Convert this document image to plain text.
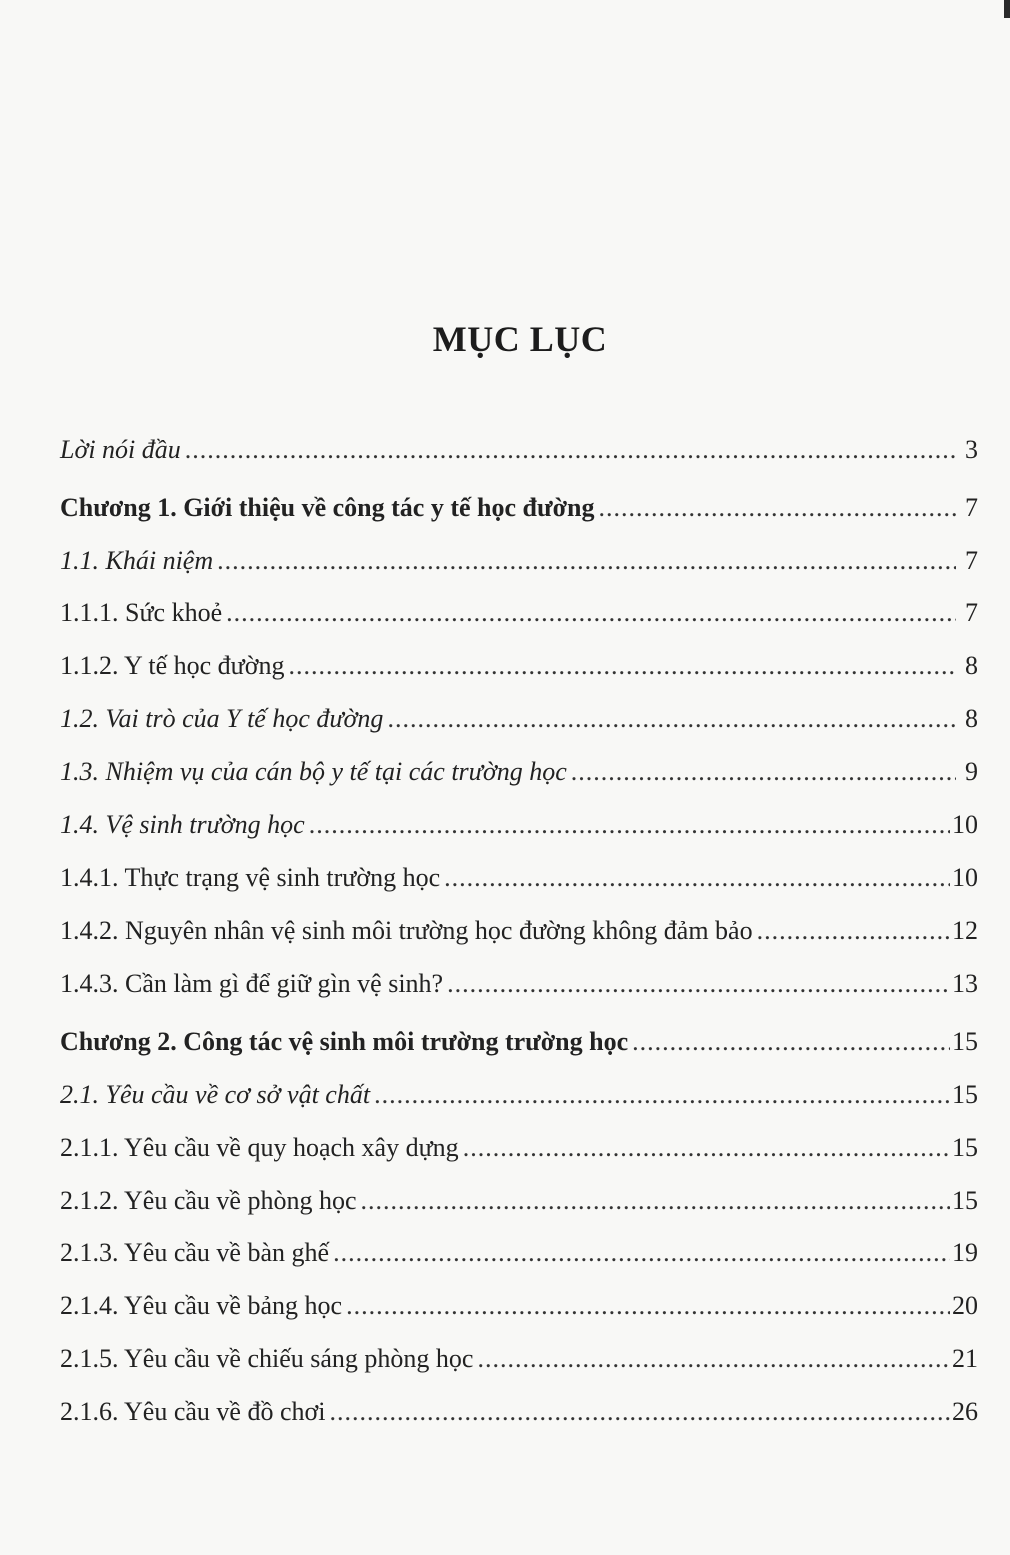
MỤC LỤC
Lời nói đầu .....	3
Chương 1. Giới thiệu về công tác y tế học đường .....	7
1.1. Khái niệm .....	7
1.1.1. Sức khoẻ .....	7
1.1.2. Y tế học đường .....	8
1.2. Vai trò của Y tế học đường .....	8
1.3. Nhiệm vụ của cán bộ y tế tại các trường học .....	9
1.4. Vệ sinh trường học .....	10
1.4.1. Thực trạng vệ sinh trường học .....	10
1.4.2. Nguyên nhân vệ sinh môi trường học đường không đảm bảo .....	12
1.4.3. Cần làm gì để giữ gìn vệ sinh? .....	13
Chương 2. Công tác vệ sinh môi trường trường học .....	15
2.1. Yêu cầu về cơ sở vật chất .....	15
2.1.1. Yêu cầu về quy hoạch xây dựng .....	15
2.1.2. Yêu cầu về phòng học .....	15
2.1.3. Yêu cầu về bàn ghế .....	19
2.1.4. Yêu cầu về bảng học .....	20
2.1.5. Yêu cầu về chiếu sáng phòng học .....	21
2.1.6. Yêu cầu về đồ chơi .....	26
